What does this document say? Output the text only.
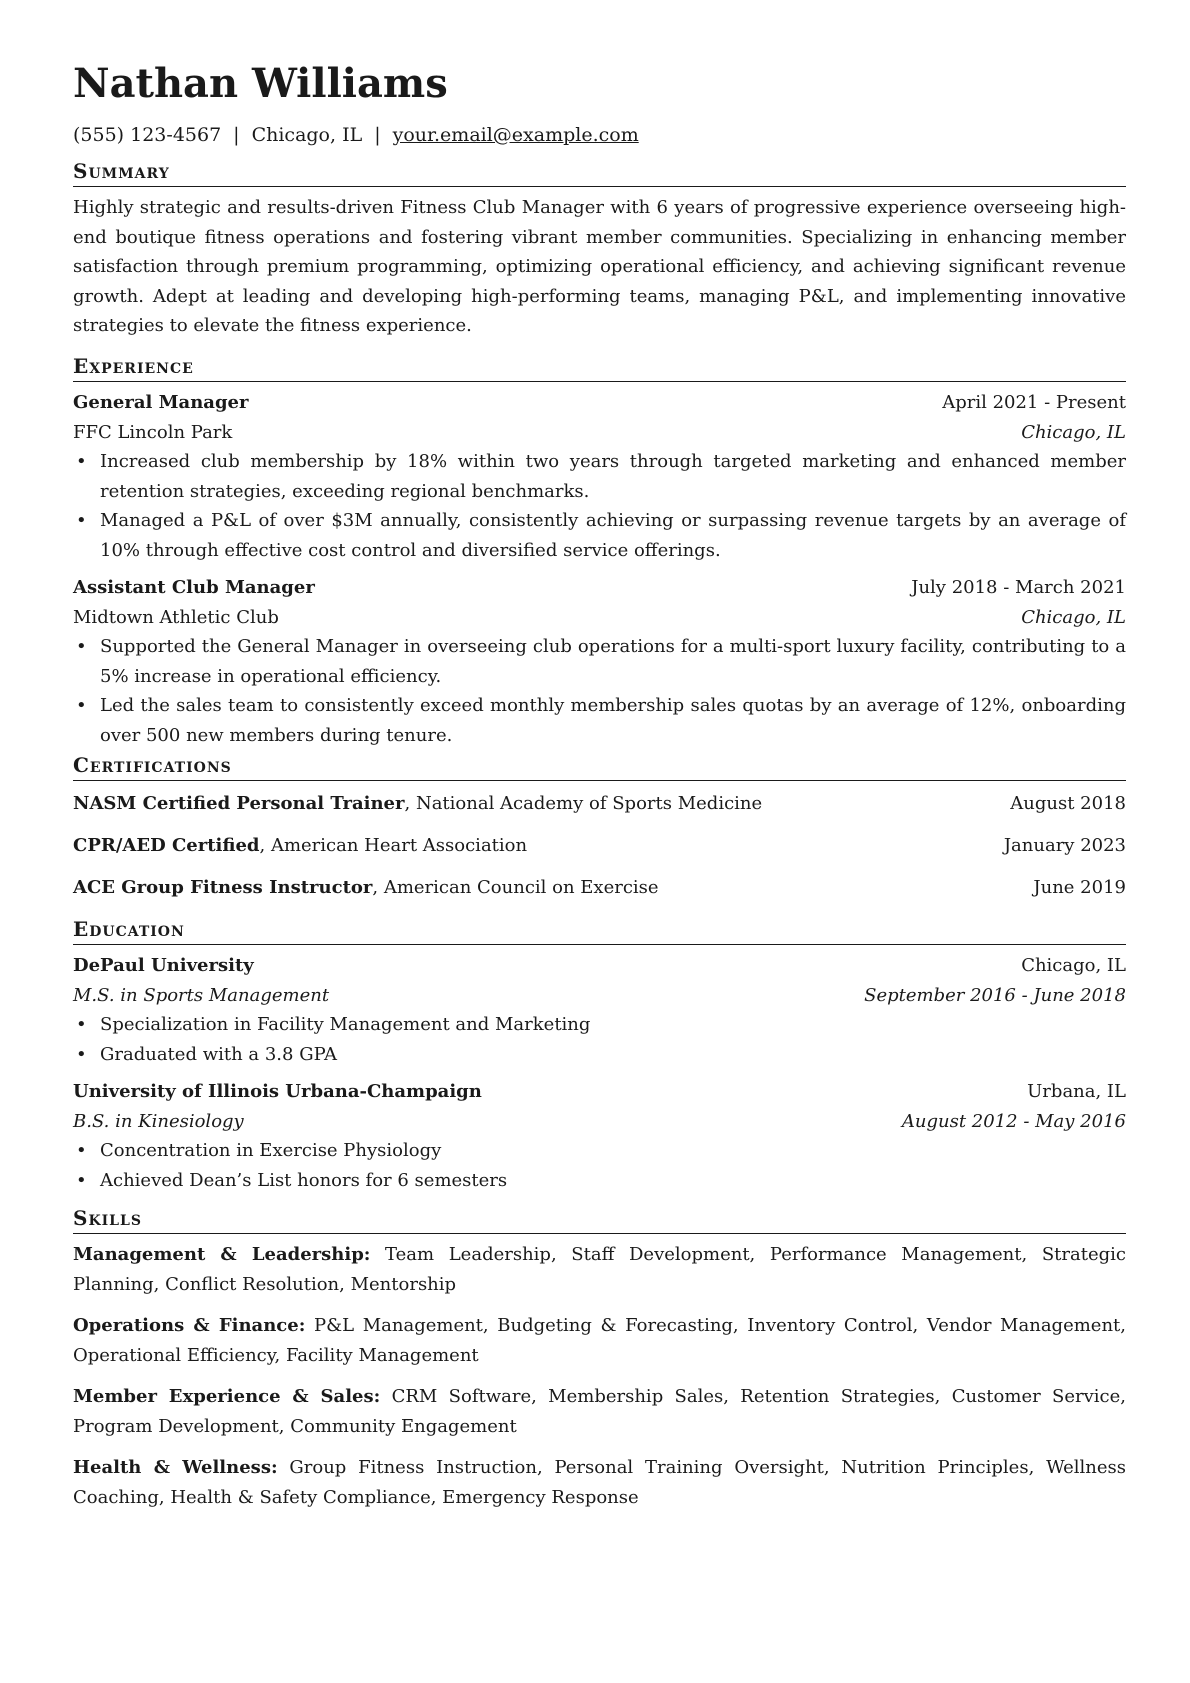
Nathan Williams
(555) 123-4567 | Chicago, IL | your.email@example.com
Summary
Highly strategic and results-driven Fitness Club Manager with 6 years of progressive experience overseeing high-end boutique fitness operations and fostering vibrant member communities. Specializing in enhancing member satisfaction through premium programming, optimizing operational efficiency, and achieving significant revenue growth. Adept at leading and developing high-performing teams, managing P&L, and implementing innovative strategies to elevate the fitness experience.
Experience
General Manager	April 2021 - Present
FFC Lincoln Park	Chicago, IL
• Increased club membership by 18% within two years through targeted marketing and enhanced member retention strategies, exceeding regional benchmarks.
• Managed a P&L of over $3M annually, consistently achieving or surpassing revenue targets by an average of 10% through effective cost control and diversified service offerings.
Assistant Club Manager	July 2018 - March 2021
Midtown Athletic Club	Chicago, IL
• Supported the General Manager in overseeing club operations for a multi-sport luxury facility, contributing to a 5% increase in operational efficiency.
• Led the sales team to consistently exceed monthly membership sales quotas by an average of 12%, onboarding over 500 new members during tenure.
Certifications
NASM Certified Personal Trainer, National Academy of Sports Medicine	August 2018
CPR/AED Certified, American Heart Association	January 2023
ACE Group Fitness Instructor, American Council on Exercise	June 2019
Education
DePaul University	Chicago, IL
M.S. in Sports Management	September 2016 - June 2018
• Specialization in Facility Management and Marketing
• Graduated with a 3.8 GPA
University of Illinois Urbana-Champaign	Urbana, IL
B.S. in Kinesiology	August 2012 - May 2016
• Concentration in Exercise Physiology
• Achieved Dean’s List honors for 6 semesters
Skills
Management & Leadership: Team Leadership, Staff Development, Performance Management, Strategic Planning, Conflict Resolution, Mentorship
Operations & Finance: P&L Management, Budgeting & Forecasting, Inventory Control, Vendor Management, Operational Efficiency, Facility Management
Member Experience & Sales: CRM Software, Membership Sales, Retention Strategies, Customer Service, Program Development, Community Engagement
Health & Wellness: Group Fitness Instruction, Personal Training Oversight, Nutrition Principles, Wellness Coaching, Health & Safety Compliance, Emergency Response
